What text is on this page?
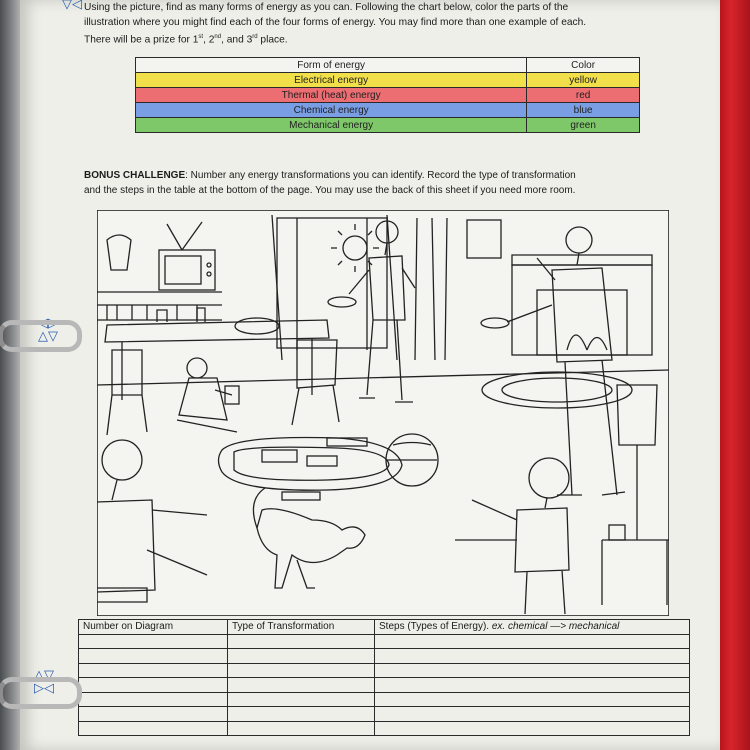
▽◁ Using the picture, find as many forms of energy as you can. Following the chart below, color the parts of the

illustration where you might find each of the four forms of energy. You may find more than one example of each.

There will be a prize for 1st, 2nd, and 3rd place.

Form of energy	Color
Electrical energy	yellow
Thermal (heat) energy	red
Chemical energy	blue
Mechanical energy	green

BONUS CHALLENGE: Number any energy transformations you can identify. Record the type of transformation

and the steps in the table at the bottom of the page. You may use the back of this sheet if you need more room.

Number on Diagram	Type of Transformation	Steps (Types of Energy). ex. chemical —> mechanical

◁▷
△▽
△▽
▷◁
